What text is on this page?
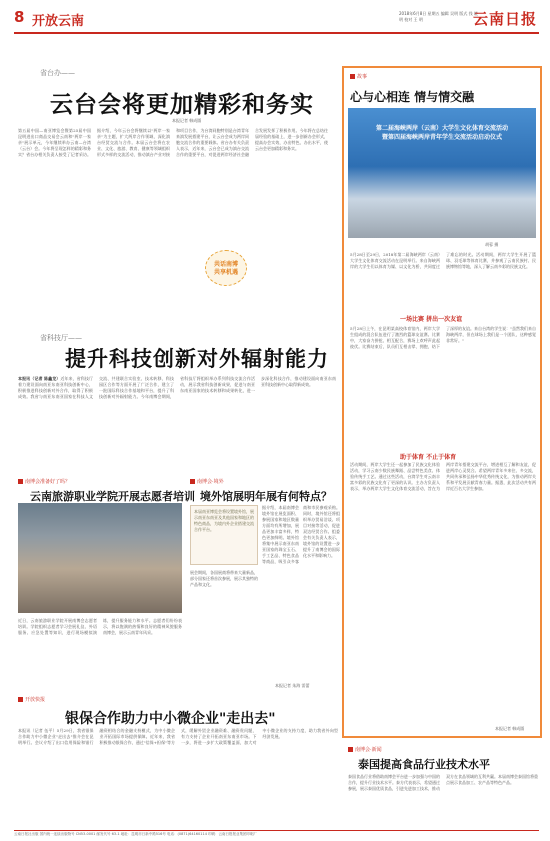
8 开放云南
2018年6月8日 星期五 编辑 吴明 版式 钱 晓明 校对 王 明	云南日报
省台办——
云台会将更加精彩和务实
本报记者 韩成圆
第五届中国—南亚博览会暨第25届中国昆明进出口商品交易会云南和"两岸一家亲"展示单元，今年继续举办云南—台湾（云台）会。今年将呈现怎样的精彩和务实？省台办相关负责人接受了记者采访。据介绍，今年云台会将继续以"两岸一家亲"为主题，扩大两岸合作领域，深化滇台经贸交流与合作。本届云台会将在农业、文化、旅游、教育、健康等领域组织形式多样的交流活动，推动滇台产业对接和项目合作，为台湾同胞特别是台湾青年来滇发展搭建平台，让云台会成为两岸同胞交流合作的重要载体。省台办有关负责人表示，近年来，云台会已成为滇台交流合作的重要平台，对促进两岸经济社会融合发展发挥了积极作用。今年将在总结往届经验的基础上，进一步创新办会形式，提高办会实效，办出特色、办出水平，使云台会更加精彩和务实。
共话南博
共享机遇
省科技厅——
提升科技创新对外辐射能力
本报讯（记者 陈鑫龙）近年来，省科技厅着力建设面向南亚东南亚科技创新中心，积极推进科技创新对外合作，取得了积极成效。我省与南亚东南亚国家在科技人文交流、共建联合实验室、技术转移、科技园区合作等方面开展了广泛合作，建立了一批国际科技合作基地和平台，提升了科技创新对外辐射能力。今年南博会期间，省科技厅将组织举办系列科技交流合作活动，展示我省科技创新成果，促进与南亚东南亚国家的技术转移和成果转化，进一步深化科技合作，推动建设面向南亚东南亚科技创新中心取得新成效。
南博会准备好了吗？
云南旅游职业学院开展志愿者培训
近日，云南旅游职业学院开展南博会志愿者培训。学院组织志愿者学习会展礼仪、外语服务、应急处置等知识，进行现场模拟演练，提升服务能力和水平。志愿者们纷纷表示，将以饱满的热情和良好的精神风貌服务南博会，展示云南青年风采。
南博会·境外
境外馆展明年展有何特点？
本届南亚博览会将设置境外馆，展示南亚东南亚及其他国家和地区的特色商品，为境内外企业搭建交流合作平台。
展会期间，各国展商将带来大量新品，部分国家还将首次参展，展示其独特的产品和文化。
据介绍，本届南博会境外馆在展览面积、参展国家和地区数量方面均有所增加，展品更加丰富多样，特色更加鲜明。境外馆将集中展示南亚东南亚国家的珠宝玉石、手工艺品、特色食品等商品，吸引众多客商和市民参观采购。同时，境外馆还将组织举办贸易洽谈、项目对接等活动，促进双边经贸合作。组委会有关负责人表示，境外馆的设置进一步提升了南博会的国际化水平和影响力。
本报记者 朱海 雷蕾
开放快报
银保合作助力中小微企业"走出去"
本报讯（记者 伍平）5月29日，我省银保合作助力中小微企业"走出去"推介会在昆明举行。会议介绍了出口信用保险和银行融资相结合的金融支持模式，为中小微企业开拓国际市场提供保障。近年来，我省积极推动银保合作，通过"信保+担保"等方式，缓解外贸企业融资难、融资贵问题，有力支持了企业开拓南亚东南亚市场。下一步，将进一步扩大政策覆盖面，加大对中小微企业的支持力度，助力我省外向型经济发展。
故事
心与心相连 情与情交融
第二届海峡两岸（云南）大学生文化体育交流活动
暨第四届海峡两岸青年学生交流活动启动仪式
胡蓉 摄
5月28日至29日，2018年第二届海峡两岸（云南）大学生文化体育交流活动在昆明举行。来自海峡两岸的大学生们以体育为媒、以文化为桥，共同度过了难忘的时光。活动期间，两岸大学生开展了篮球、羽毛球等体育比赛，并参观了云南民族村、民族博物馆等地，深入了解云南多彩的民族文化。
一场比赛 拼出一次友谊
5月28日上午，在昆明某高校体育馆内，两岸大学生组成的混合队伍进行了激烈的篮球友谊赛。比赛中，大家奋力拼抢、相互配合，赛场上欢呼声此起彼伏。比赛结束后，队员们互相击掌、拥抱，结下了深厚的友谊。来自台湾的学生说："虽然我们来自海峡两岸，但在球场上我们是一个团队，这种感觉非常好。"
助于体育 不止于体育
活动期间，两岸大学生还一起参加了民族文化体验活动，学习云南少数民族舞蹈、品尝特色美食、体验传统手工艺。通过这些活动，台湾学生对云南丰富多彩的民族文化有了更深的认识。主办方负责人表示，举办两岸大学生文化体育交流活动，旨在为两岸青年搭建交流平台，增进相互了解和友谊，促进两岸心灵契合。希望两岸青年多来往、多交流，共同传承和弘扬中华优秀传统文化，为推动两岸关系和平发展贡献青春力量。据悉，此次活动共有两岸近百名大学生参加。
本报记者 韩成圆
南博会·新闻
泰国提高食品行业技术水平
泰国食品行业将借助南博会平台进一步加强与中国的合作，提升行业技术水平。泰方代表表示，希望通过参展，展示泰国优质食品，引进先进加工技术，推动双方在食品领域的互利共赢。本届南博会泰国馆将重点展示食品加工、农产品等特色产品。
云南日报社出版 国内统一连续出版物号 CN53-0001 邮发代号 63-1 地址：昆明市日新中路516号 电话：(0871)64160114 印刷：云南日报报业集团印刷厂
